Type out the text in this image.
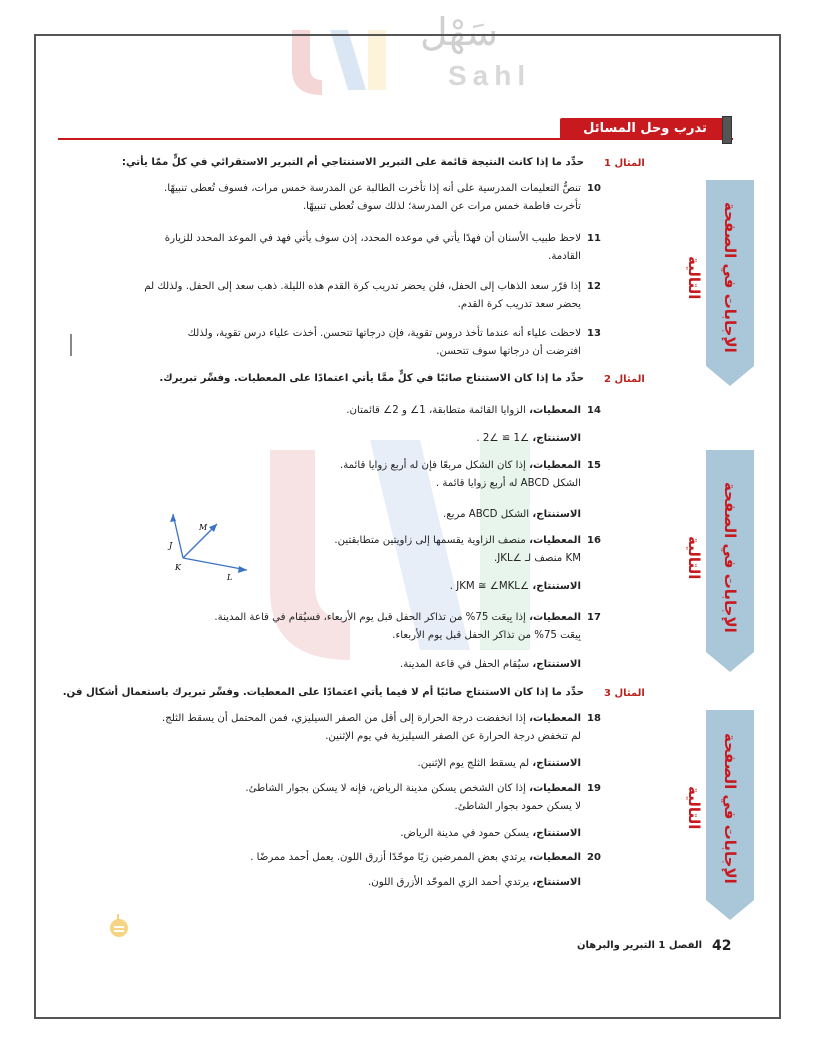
سَهْل
Sahl
تدرب وحل المسائل
المثال 1
حدِّد ما إذا كانت النتيجة قائمة على التبرير الاستنتاجي أم التبرير الاستقرائي في كلٍّ ممّا يأتي:
10
تنصُّ التعليمات المدرسية على أنه إذا تأخرت الطالبة عن المدرسة خمس مرات، فسوف تُعطى تنبيهًا.
تأخرت فاطمة خمس مرات عن المدرسة؛ لذلك سوف تُعطى تنبيهًا.
11
لاحظ طبيب الأسنان أن فهدًا يأتي في موعده المحدد، إذن سوف يأتي فهد في الموعد المحدد للزيارة
القادمة.
12
إذا قرّر سعد الذهاب إلى الحفل، فلن يحضر تدريب كرة القدم هذه الليلة. ذهب سعد إلى الحفل. ولذلك لم
يحضر سعد تدريب كرة القدم.
13
لاحظت علياء أنه عندما تأخذ دروس تقوية، فإن درجاتها تتحسن. أخذت علياء درس تقوية، ولذلك
افترضت أن درجاتها سوف تتحسن.
المثال 2
حدِّد ما إذا كان الاستنتاج صائبًا في كلٍّ ممَّا يأتي اعتمادًا على المعطيات. وفسِّر تبريرك.
14
المعطيات، الزوايا القائمة متطابقة، 1∠ و 2∠ قائمتان.
الاستنتاج، ∠1 ≅ ∠2 .
15
المعطيات، إذا كان الشكل مربعًا فإن له أربع زوايا قائمة.
الشكل ABCD له أربع زوايا قائمة .
الاستنتاج، الشكل ABCD مربع.
16
المعطيات، منصف الزاوية يقسمها إلى زاويتين متطابقتين.
KM منصف لـ ∠JKL.
الاستنتاج، ∠JKM ≅ ∠MKL .
J
M
K
L
17
المعطيات، إذا بِيعَت 75% من تذاكر الحفل قبل يوم الأربعاء، فسيُقام في قاعة المدينة.
بِيعَت 75% من تذاكر الحفل قبل يوم الأربعاء.
الاستنتاج، سيُقام الحفل في قاعة المدينة.
المثال 3
حدِّد ما إذا كان الاستنتاج صائبًا أم لا فيما يأتي اعتمادًا على المعطيات. وفسِّر تبريرك باستعمال أشكال فن.
18
المعطيات، إذا انخفضت درجة الحرارة إلى أقل من الصفر السيليزي، فمن المحتمل أن يسقط الثلج.
لم تنخفض درجة الحرارة عن الصفر السيليزية في يوم الإثنين.
الاستنتاج، لم يسقط الثلج يوم الإثنين.
19
المعطيات، إذا كان الشخص يسكن مدينة الرياض، فإنه لا يسكن بجوار الشاطئ.
لا يسكن حمود بجوار الشاطئ.
الاستنتاج، يسكن حمود في مدينة الرياض.
20
المعطيات، يرتدي بعض الممرضين زيًا موحّدًا أزرق اللون. يعمل أحمد ممرضًا .
الاستنتاج، يرتدي أحمد الزي الموحّد الأزرق اللون.
الإجابات في الصفحة التالية
الإجابات في الصفحة التالية
الإجابات في الصفحة التالية
42
الفصل 1 التبرير والبرهان
